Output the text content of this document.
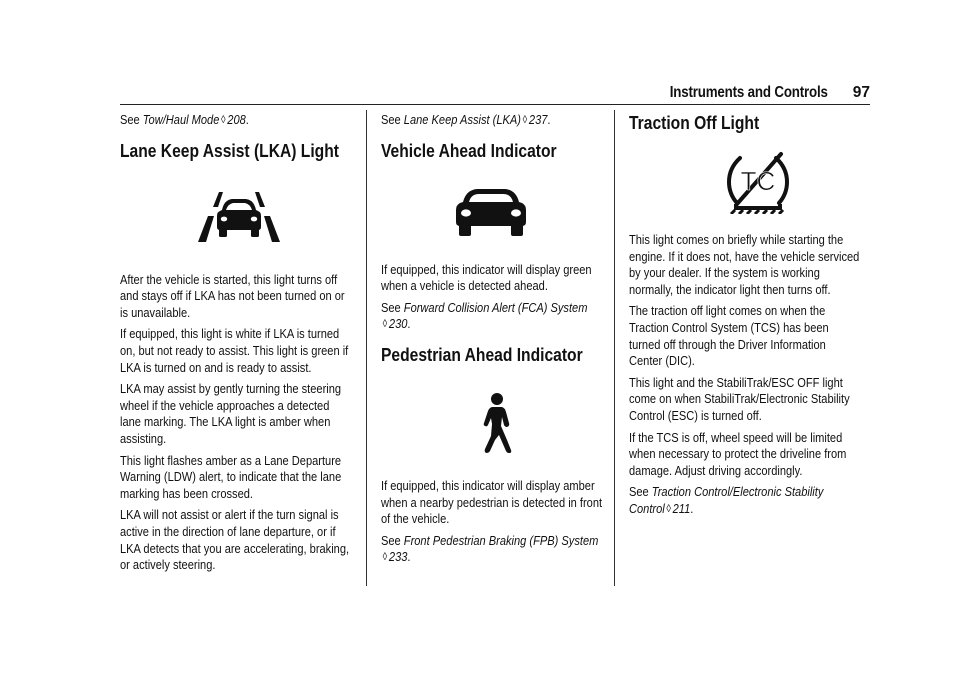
Instruments and Controls 97

See Tow/Haul Mode ◊ 208.

Lane Keep Assist (LKA) Light

After the vehicle is started, this light turns off and stays off if LKA has not been turned on or is unavailable.

If equipped, this light is white if LKA is turned on, but not ready to assist. This light is green if LKA is turned on and is ready to assist.

LKA may assist by gently turning the steering wheel if the vehicle approaches a detected lane marking. The LKA light is amber when assisting.

This light flashes amber as a Lane Departure Warning (LDW) alert, to indicate that the lane marking has been crossed.

LKA will not assist or alert if the turn signal is active in the direction of lane departure, or if LKA detects that you are accelerating, braking, or actively steering.

See Lane Keep Assist (LKA) ◊ 237.

Vehicle Ahead Indicator

If equipped, this indicator will display green when a vehicle is detected ahead.

See Forward Collision Alert (FCA) System
◊ 230.

Pedestrian Ahead Indicator

If equipped, this indicator will display amber when a nearby pedestrian is detected in front of the vehicle.

See Front Pedestrian Braking (FPB) System
◊ 233.

Traction Off Light
TC

This light comes on briefly while starting the engine. If it does not, have the vehicle serviced by your dealer. If the system is working normally, the indicator light then turns off.

The traction off light comes on when the Traction Control System (TCS) has been turned off through the Driver Information Center (DIC).

This light and the StabiliTrak/ESC OFF light come on when StabiliTrak/Electronic Stability Control (ESC) is turned off.

If the TCS is off, wheel speed will be limited when necessary to protect the driveline from damage. Adjust driving accordingly.

See Traction Control/Electronic Stability Control ◊ 211.
